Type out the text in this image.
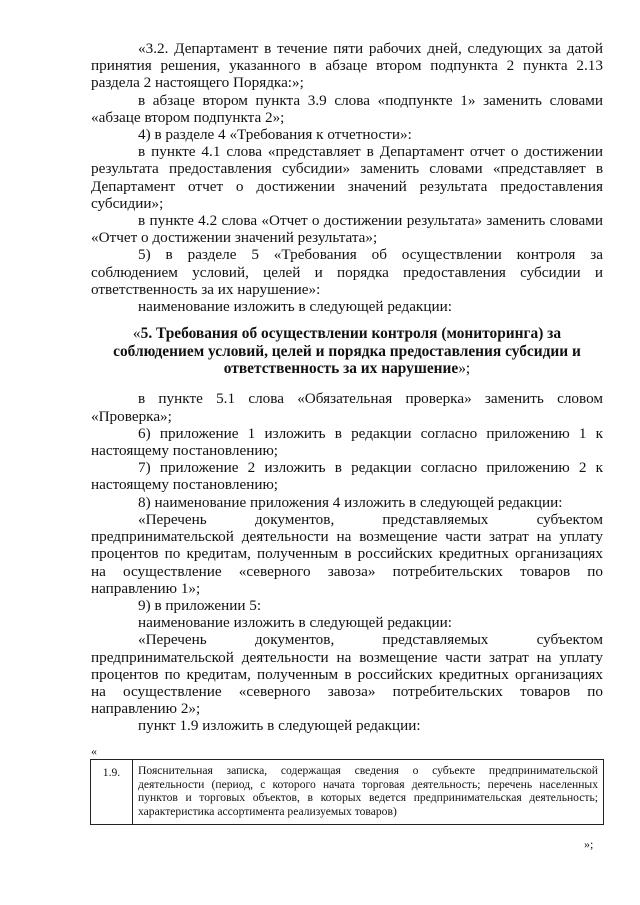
«3.2. Департамент в течение пяти рабочих дней, следующих за датой принятия решения, указанного в абзаце втором подпункта 2 пункта 2.13 раздела 2 настоящего Порядка:»;

в абзаце втором пункта 3.9 слова «подпункте 1» заменить словами «абзаце втором подпункта 2»;

4) в разделе 4 «Требования к отчетности»:

в пункте 4.1 слова «представляет в Департамент отчет о достижении результата предоставления субсидии» заменить словами «представляет в Департамент отчет о достижении значений результата предоставления субсидии»;

в пункте 4.2 слова «Отчет о достижении результата» заменить словами «Отчет о достижении значений результата»;

5) в разделе 5 «Требования об осуществлении контроля за соблюдением условий, целей и порядка предоставления субсидии и ответственность за их нарушение»:

наименование изложить в следующей редакции:

«5. Требования об осуществлении контроля (мониторинга) за соблюдением условий, целей и порядка предоставления субсидии и ответственность за их нарушение»;

в пункте 5.1 слова «Обязательная проверка» заменить словом «Проверка»;

6) приложение 1 изложить в редакции согласно приложению 1 к настоящему постановлению;

7) приложение 2 изложить в редакции согласно приложению 2 к настоящему постановлению;

8) наименование приложения 4 изложить в следующей редакции:

«Перечень документов, представляемых субъектом предпринимательской деятельности на возмещение части затрат на уплату процентов по кредитам, полученным в российских кредитных организациях на осуществление «северного завоза» потребительских товаров по направлению 1»;

9) в приложении 5:

наименование изложить в следующей редакции:

«Перечень документов, представляемых субъектом предпринимательской деятельности на возмещение части затрат на уплату процентов по кредитам, полученным в российских кредитных организациях на осуществление «северного завоза» потребительских товаров по направлению 2»;

пункт 1.9 изложить в следующей редакции:

«
1.9.	Пояснительная записка, содержащая сведения о субъекте предпринимательской деятельности (период, с которого начата торговая деятельность; перечень населенных пунктов и торговых объектов, в которых ведется предпринимательская деятельность; характеристика ассортимента реализуемых товаров)
»;
